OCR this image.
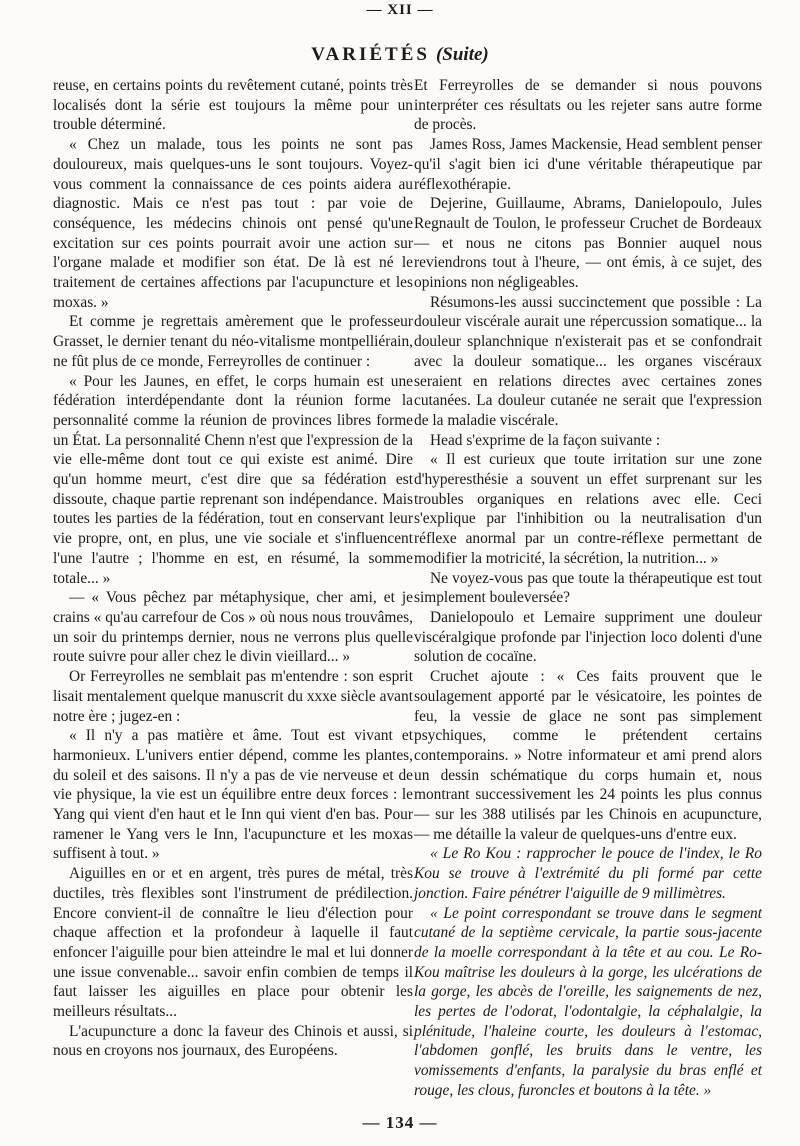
— XII —
VARIÉTÉS (Suite)

reuse, en certains points du revêtement cutané, points très localisés dont la série est toujours la même pour un trouble déterminé.

« Chez un malade, tous les points ne sont pas douloureux, mais quelques-uns le sont toujours. Voyez-vous comment la connaissance de ces points aidera au diagnostic. Mais ce n'est pas tout : par voie de conséquence, les médecins chinois ont pensé qu'une excitation sur ces points pourrait avoir une action sur l'organe malade et modifier son état. De là est né le traitement de certaines affections par l'acupuncture et les moxas. »

Et comme je regrettais amèrement que le professeur Grasset, le dernier tenant du néo-vitalisme montpelliérain, ne fût plus de ce monde, Ferreyrolles de continuer :

« Pour les Jaunes, en effet, le corps humain est une fédération interdépendante dont la réunion forme la personnalité comme la réunion de provinces libres forme un État. La personnalité Chenn n'est que l'expression de la vie elle-même dont tout ce qui existe est animé. Dire qu'un homme meurt, c'est dire que sa fédération est dissoute, chaque partie reprenant son indépendance. Mais toutes les parties de la fédération, tout en conservant leur vie propre, ont, en plus, une vie sociale et s'influencent l'une l'autre ; l'homme en est, en résumé, la somme totale... »

— « Vous pêchez par métaphysique, cher ami, et je crains « qu'au carrefour de Cos » où nous nous trouvâmes, un soir du printemps dernier, nous ne verrons plus quelle route suivre pour aller chez le divin vieillard... »

Or Ferreyrolles ne semblait pas m'entendre : son esprit lisait mentalement quelque manuscrit du xxxe siècle avant notre ère ; jugez-en :

« Il n'y a pas matière et âme. Tout est vivant et harmonieux. L'univers entier dépend, comme les plantes, du soleil et des saisons. Il n'y a pas de vie nerveuse et de vie physique, la vie est un équilibre entre deux forces : le Yang qui vient d'en haut et le Inn qui vient d'en bas. Pour ramener le Yang vers le Inn, l'acupuncture et les moxas suffisent à tout. »

Aiguilles en or et en argent, très pures de métal, très ductiles, très flexibles sont l'instrument de prédilection. Encore convient-il de connaître le lieu d'élection pour chaque affection et la profondeur à laquelle il faut enfoncer l'aiguille pour bien atteindre le mal et lui donner une issue convenable... savoir enfin combien de temps il faut laisser les aiguilles en place pour obtenir les meilleurs résultats...

L'acupuncture a donc la faveur des Chinois et aussi, si nous en croyons nos journaux, des Européens.

Et Ferreyrolles de se demander si nous pouvons interpréter ces résultats ou les rejeter sans autre forme de procès.

James Ross, James Mackensie, Head semblent penser qu'il s'agit bien ici d'une véritable thérapeutique par réflexothérapie.

Dejerine, Guillaume, Abrams, Danielopoulo, Jules Regnault de Toulon, le professeur Cruchet de Bordeaux — et nous ne citons pas Bonnier auquel nous reviendrons tout à l'heure, — ont émis, à ce sujet, des opinions non négligeables.

Résumons-les aussi succinctement que possible : La douleur viscérale aurait une répercussion somatique... la douleur splanchnique n'existerait pas et se confondrait avec la douleur somatique... les organes viscéraux seraient en relations directes avec certaines zones cutanées. La douleur cutanée ne serait que l'expression de la maladie viscérale.

Head s'exprime de la façon suivante :

« Il est curieux que toute irritation sur une zone d'hyperesthésie a souvent un effet surprenant sur les troubles organiques en relations avec elle. Ceci s'explique par l'inhibition ou la neutralisation d'un réflexe anormal par un contre-réflexe permettant de modifier la motricité, la sécrétion, la nutrition... »

Ne voyez-vous pas que toute la thérapeutique est tout simplement bouleversée?

Danielopoulo et Lemaire suppriment une douleur viscéralgique profonde par l'injection loco dolenti d'une solution de cocaïne.

Cruchet ajoute : « Ces faits prouvent que le soulagement apporté par le vésicatoire, les pointes de feu, la vessie de glace ne sont pas simplement psychiques, comme le prétendent certains contemporains. » Notre informateur et ami prend alors un dessin schématique du corps humain et, nous montrant successivement les 24 points les plus connus — sur les 388 utilisés par les Chinois en acupuncture, — me détaille la valeur de quelques-uns d'entre eux.

« Le Ro Kou : rapprocher le pouce de l'index, le Ro Kou se trouve à l'extrémité du pli formé par cette jonction. Faire pénétrer l'aiguille de 9 millimètres.

« Le point correspondant se trouve dans le segment cutané de la septième cervicale, la partie sous-jacente de la moelle correspondant à la tête et au cou. Le Ro-Kou maîtrise les douleurs à la gorge, les ulcérations de la gorge, les abcès de l'oreille, les saignements de nez, les pertes de l'odorat, l'odontalgie, la céphalalgie, la plénitude, l'haleine courte, les douleurs à l'estomac, l'abdomen gonflé, les bruits dans le ventre, les vomissements d'enfants, la paralysie du bras enflé et rouge, les clous, furoncles et boutons à la tête. »

— 134 —
